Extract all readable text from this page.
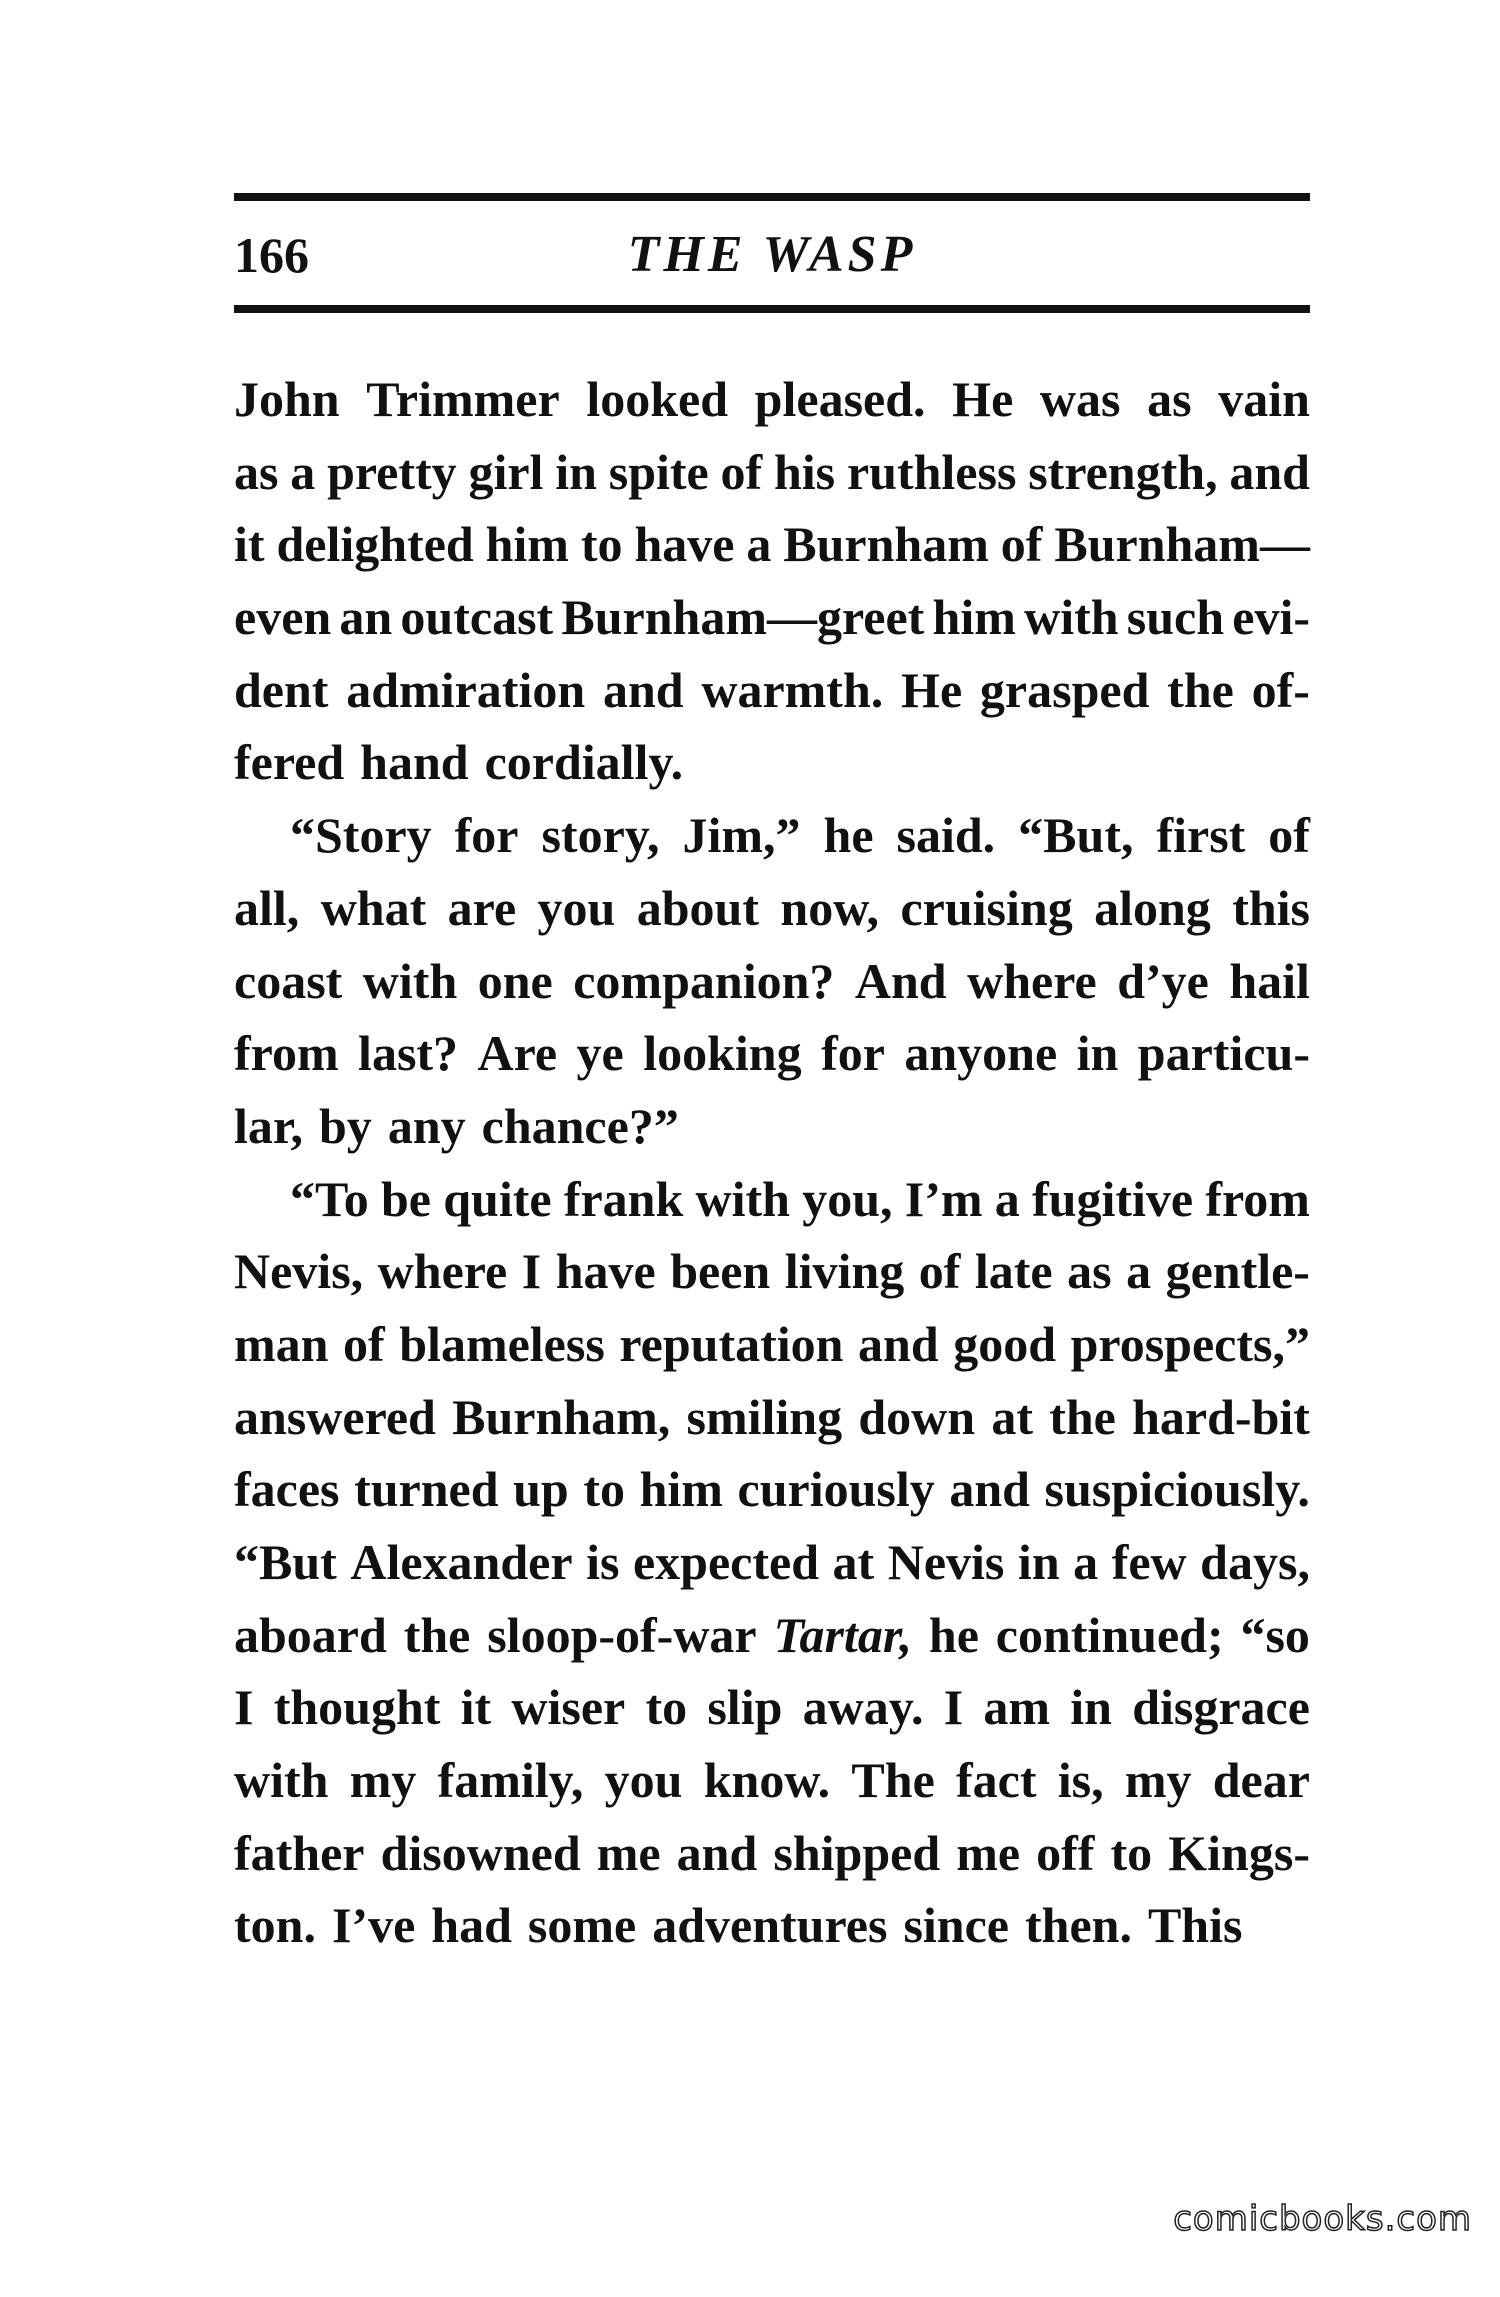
166	THE WASP
John Trimmer looked pleased. He was as vain
as a pretty girl in spite of his ruthless strength, and
it delighted him to have a Burnham of Burnham—
even an outcast Burnham—greet him with such evi-
dent admiration and warmth. He grasped the of-
fered hand cordially.
“Story for story, Jim,” he said. “But, first of
all, what are you about now, cruising along this
coast with one companion? And where d’ye hail
from last? Are ye looking for anyone in particu-
lar, by any chance?”
“To be quite frank with you, I’m a fugitive from
Nevis, where I have been living of late as a gentle-
man of blameless reputation and good prospects,”
answered Burnham, smiling down at the hard-bit
faces turned up to him curiously and suspiciously.
“But Alexander is expected at Nevis in a few days,
aboard the sloop-of-war Tartar, he continued; “so
I thought it wiser to slip away. I am in disgrace
with my family, you know. The fact is, my dear
father disowned me and shipped me off to Kings-
ton. I’ve had some adventures since then. This
comicbooks.com
